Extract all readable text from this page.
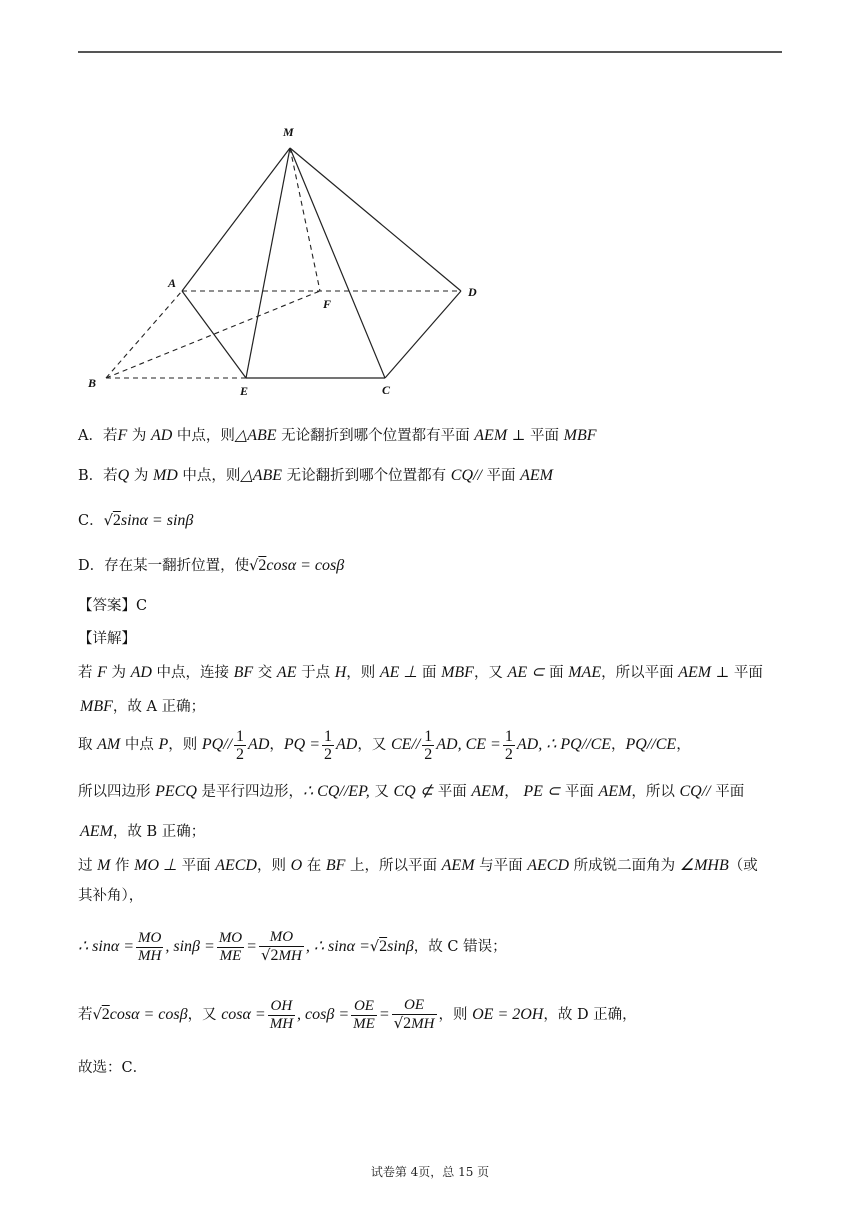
M
A
D
F
B
E	C
A．若F 为 AD 中点，则△ABE 无论翻折到哪个位置都有平面 AEM ⊥ 平面 MBF
B．若Q 为 MD 中点，则△ABE 无论翻折到哪个位置都有 CQ// 平面 AEM
C．√2sinα = sinβ
D．存在某一翻折位置，使√2cosα = cosβ
【答案】C
【详解】
若 F 为 AD 中点，连接 BF 交 AE 于点 H，则 AE ⊥ 面 MBF，又 AE ⊂ 面 MAE，所以平面 AEM ⊥ 平面
MBF，故 A 正确；
取 AM 中点 P，则 $PQ// \frac{1}{2}$ AD，PQ = $\frac{1}{2}$ AD，又 $CE// \frac{1}{2}$ AD, CE = $\frac{1}{2}$ AD, ∴ PQ//CE，PQ//CE，
所以四边形 PECQ 是平行四边形，∴ CQ//EP, 又 CQ ⊄ 平面 AEM， PE ⊂ 平面 AEM，所以 CQ// 平面
AEM，故 B 正确；
过 M 作 MO ⊥ 平面 AECD，则 O 在 BF 上，所以平面 AEM 与平面 AECD 所成锐二面角为 ∠MHB（或
其补角），
∴ $\sin\alpha = \frac{MO}{MH}$ , $\sin\beta = \frac{MO}{ME} = \frac{MO}{√2MH}$ , ∴ sinα =√2sinβ，故 C 错误；
若√2cosα = cosβ，又 $\cos\alpha = \frac{OH}{MH}$ , $\cos\beta = \frac{OE}{ME} = \frac{OE}{√2MH}$ ，则 OE = 2OH，故 D 正确，
故选：C．
试卷第 4页，总 15 页
